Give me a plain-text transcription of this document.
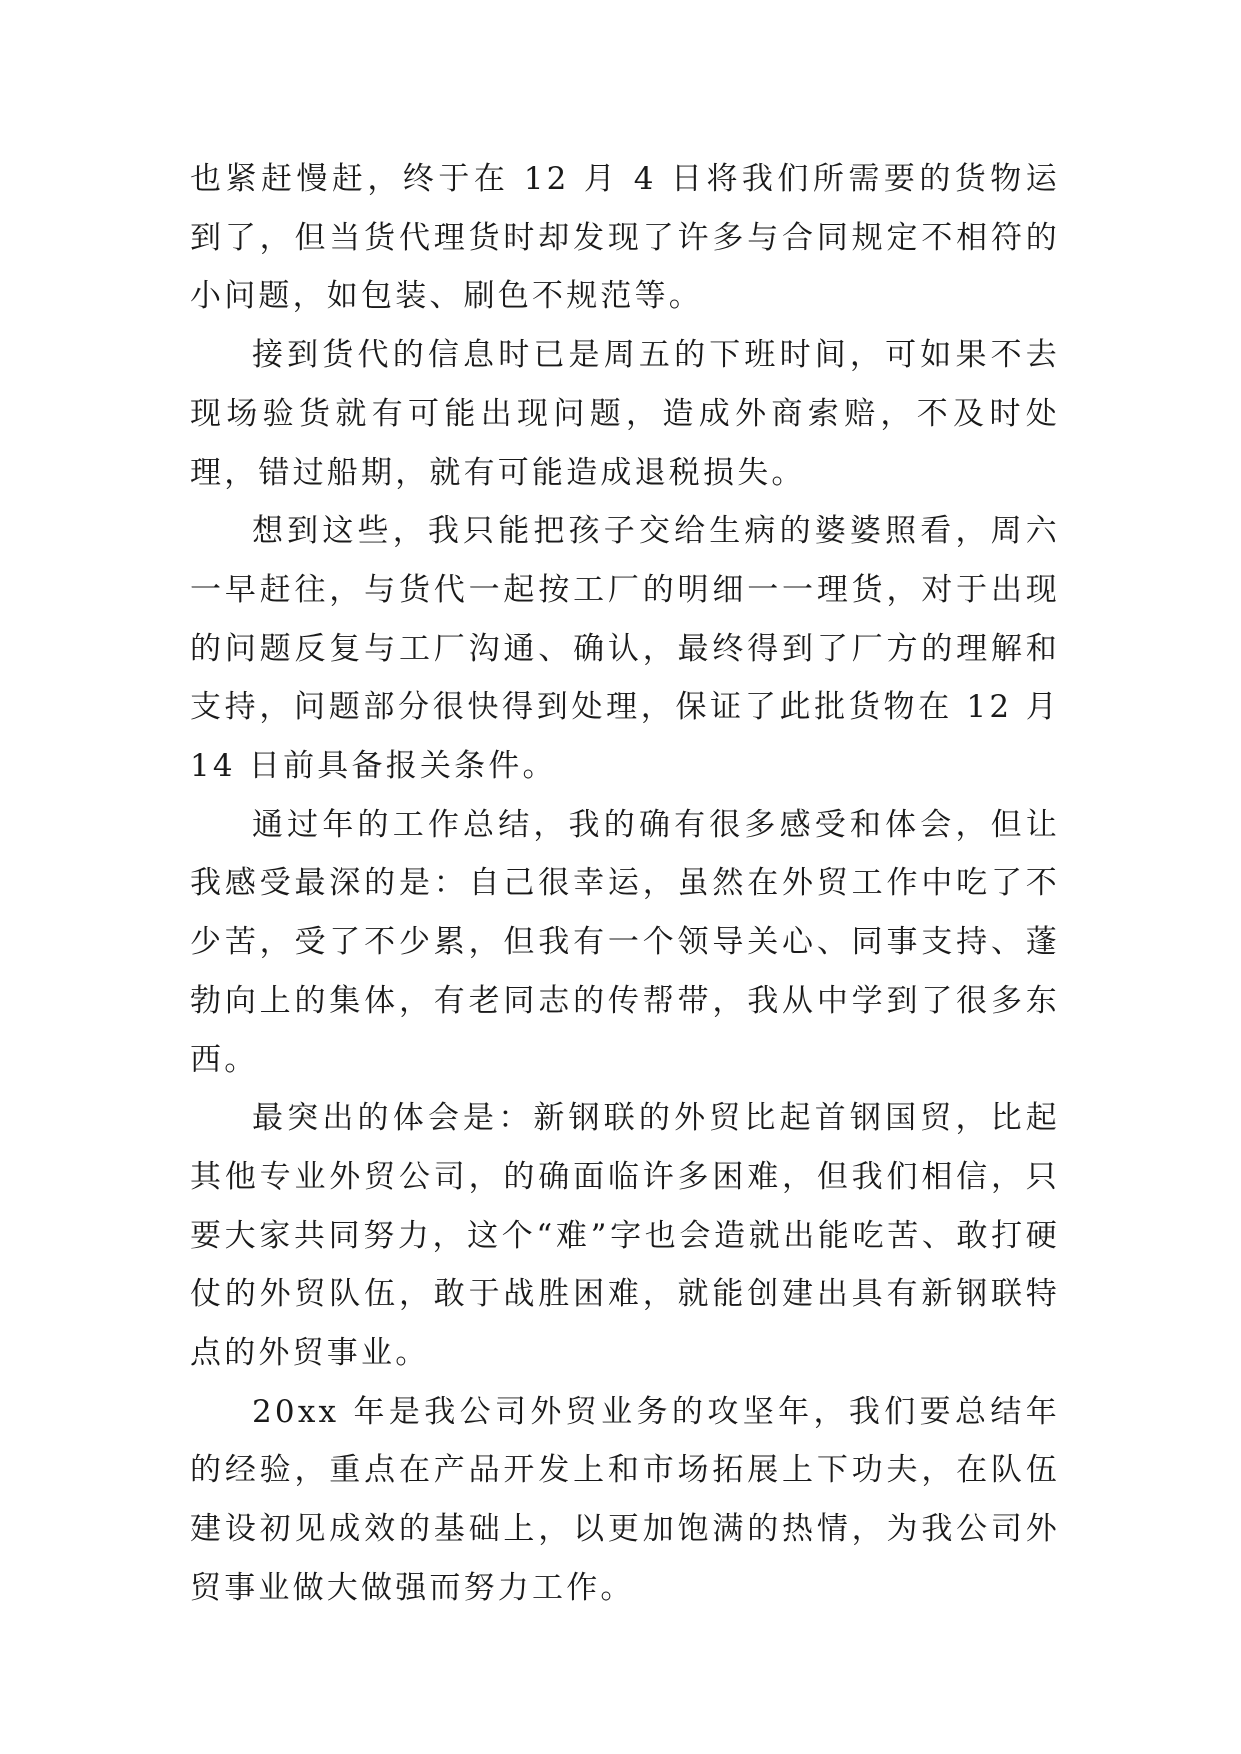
也紧赶慢赶，终于在 12 月 4 日将我们所需要的货物运到了，但当货代理货时却发现了许多与合同规定不相符的小问题，如包装、刷色不规范等。

接到货代的信息时已是周五的下班时间，可如果不去现场验货就有可能出现问题，造成外商索赔，不及时处理，错过船期，就有可能造成退税损失。

想到这些，我只能把孩子交给生病的婆婆照看，周六一早赶往，与货代一起按工厂的明细一一理货，对于出现的问题反复与工厂沟通、确认，最终得到了厂方的理解和支持，问题部分很快得到处理，保证了此批货物在 12 月 14 日前具备报关条件。

通过年的工作总结，我的确有很多感受和体会，但让我感受最深的是：自己很幸运，虽然在外贸工作中吃了不少苦，受了不少累，但我有一个领导关心、同事支持、蓬勃向上的集体，有老同志的传帮带，我从中学到了很多东西。

最突出的体会是：新钢联的外贸比起首钢国贸，比起其他专业外贸公司，的确面临许多困难，但我们相信，只要大家共同努力，这个“难”字也会造就出能吃苦、敢打硬仗的外贸队伍，敢于战胜困难，就能创建出具有新钢联特点的外贸事业。

20xx 年是我公司外贸业务的攻坚年，我们要总结年的经验，重点在产品开发上和市场拓展上下功夫，在队伍建设初见成效的基础上，以更加饱满的热情，为我公司外贸事业做大做强而努力工作。
